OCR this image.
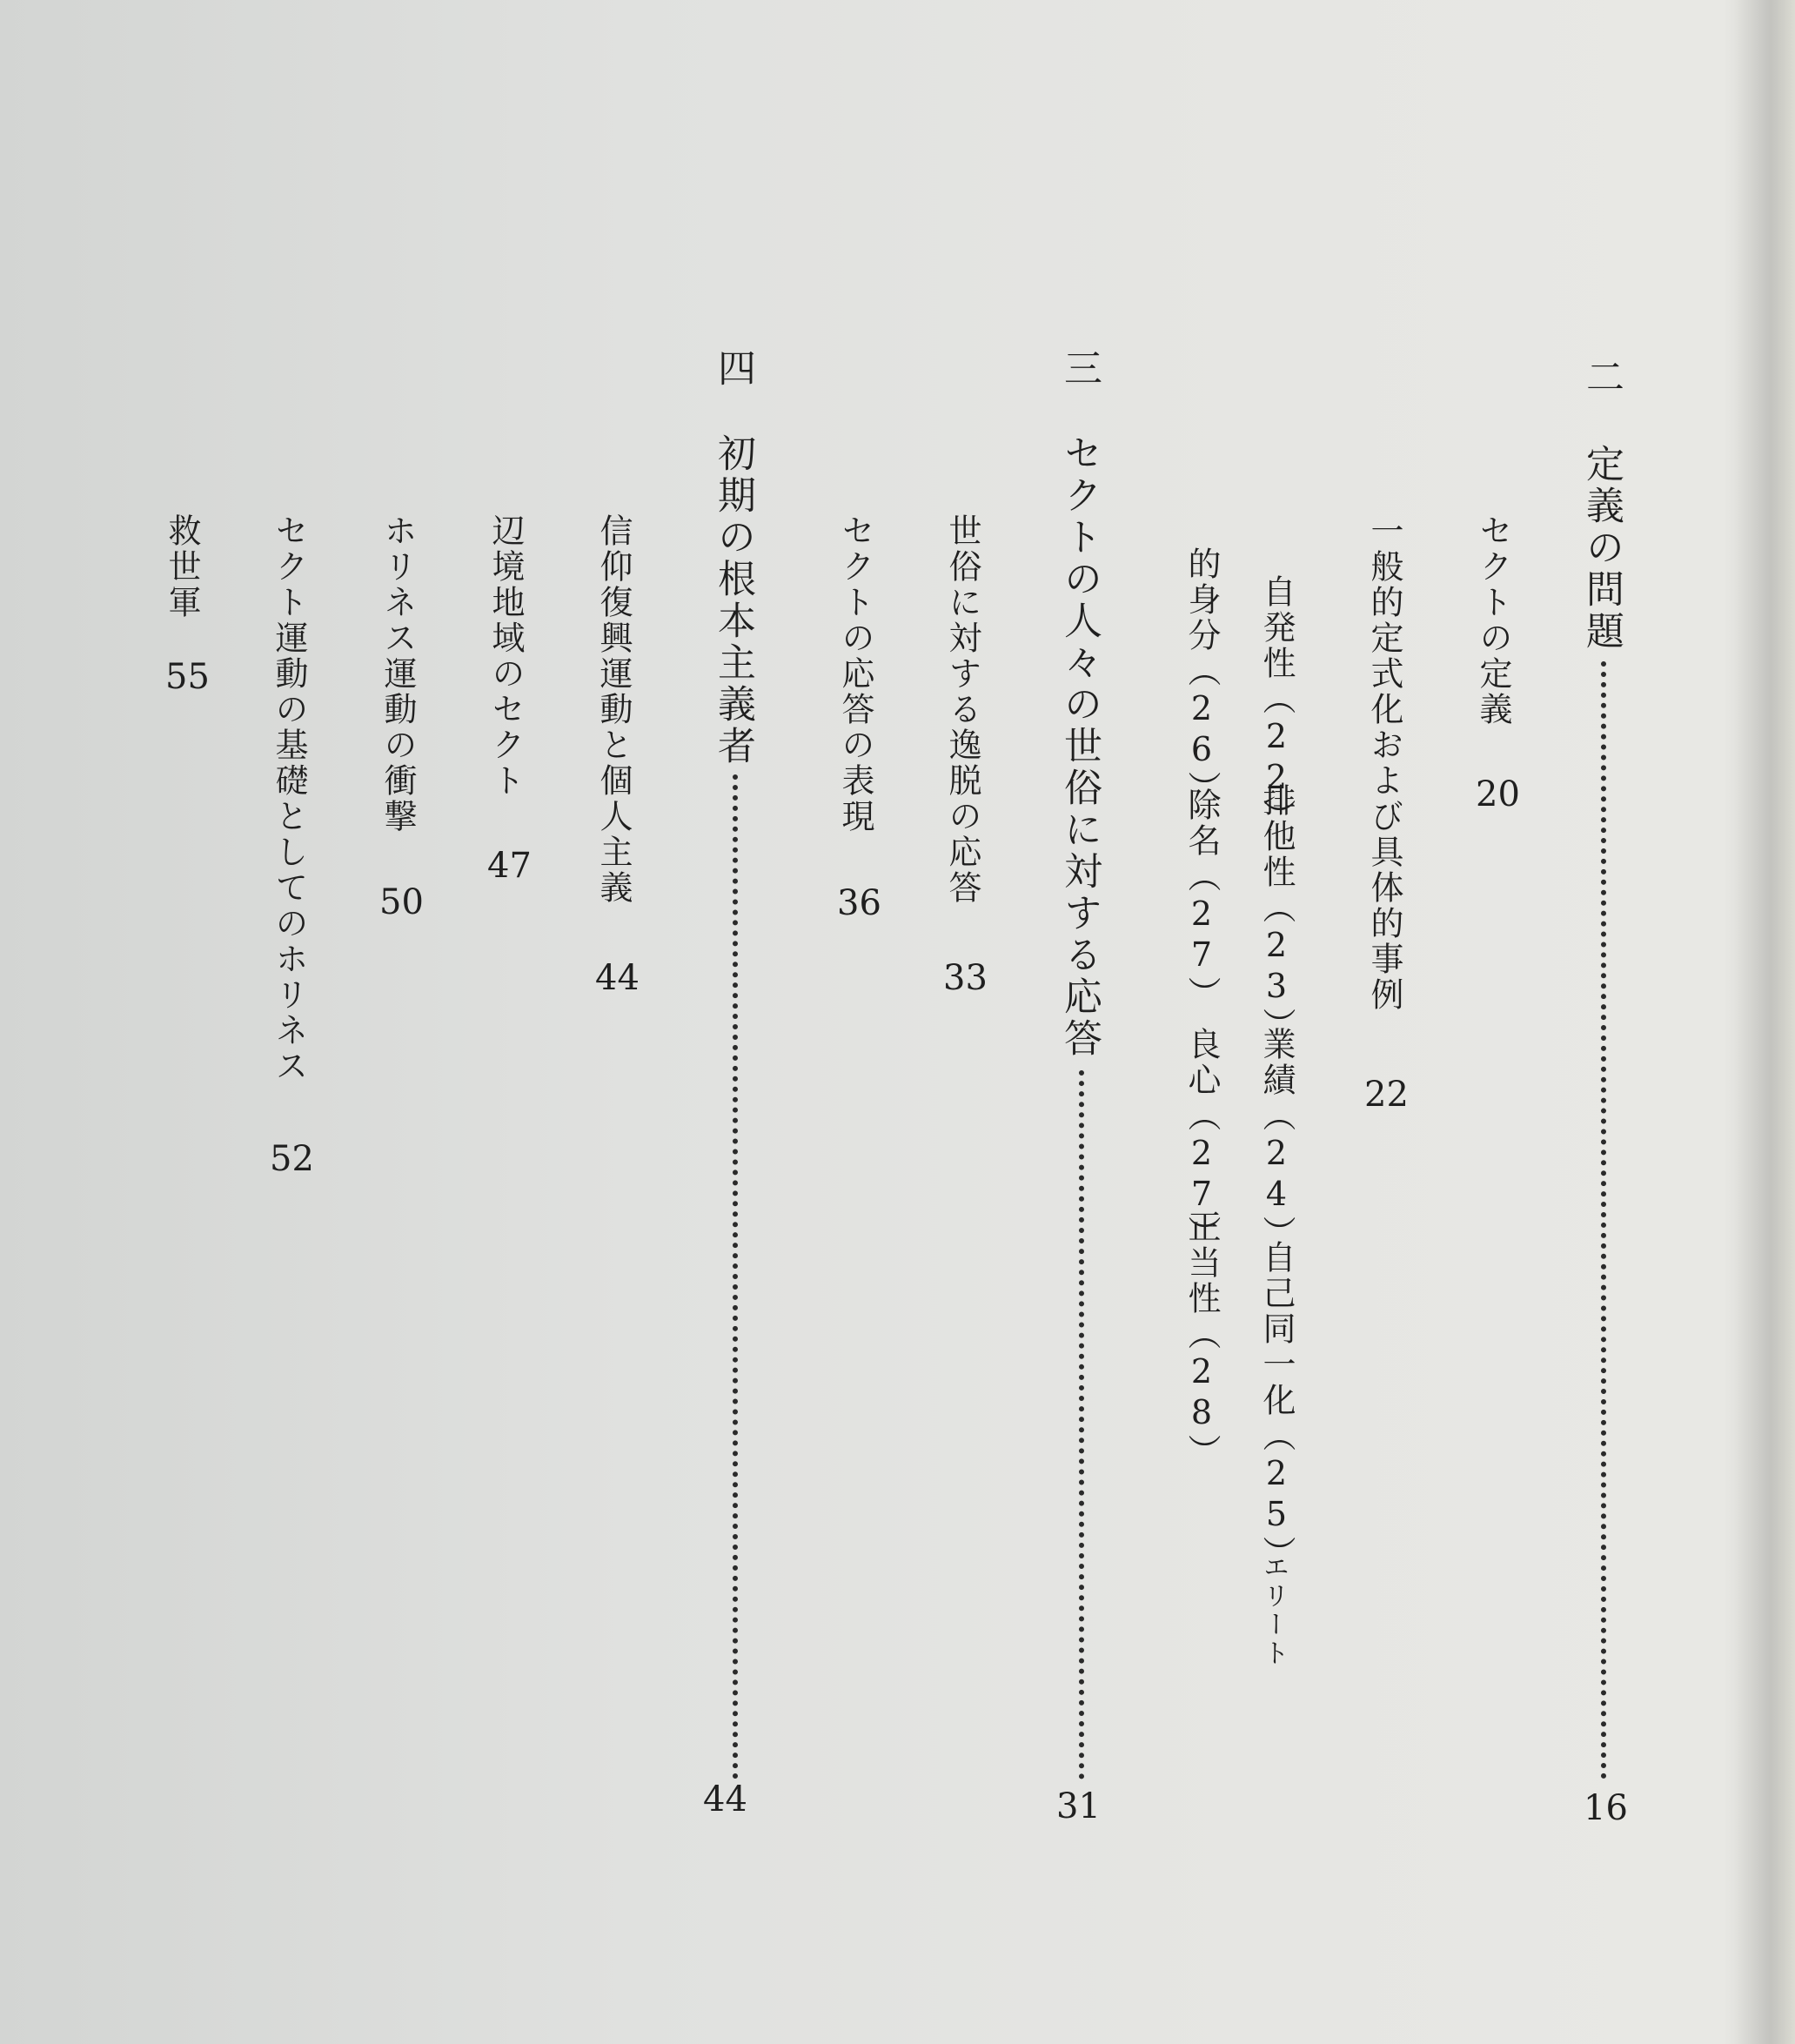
二
定義の問題
16
セクトの定義
20
一般的定式化および具体的事例
22
自発性（22）
排他性（23）
業績（24）
自己同一化（25）
エリート
的身分（26）
除名（27）
良心（27）
正当性（28）
三
セクトの人々の世俗に対する応答
31
世俗に対する逸脱の応答
33
セクトの応答の表現
36
四
初期の根本主義者
44
信仰復興運動と個人主義
44
辺境地域のセクト
47
ホリネス運動の衝撃
50
セクト運動の基礎としてのホリネス
52
救世軍
55
